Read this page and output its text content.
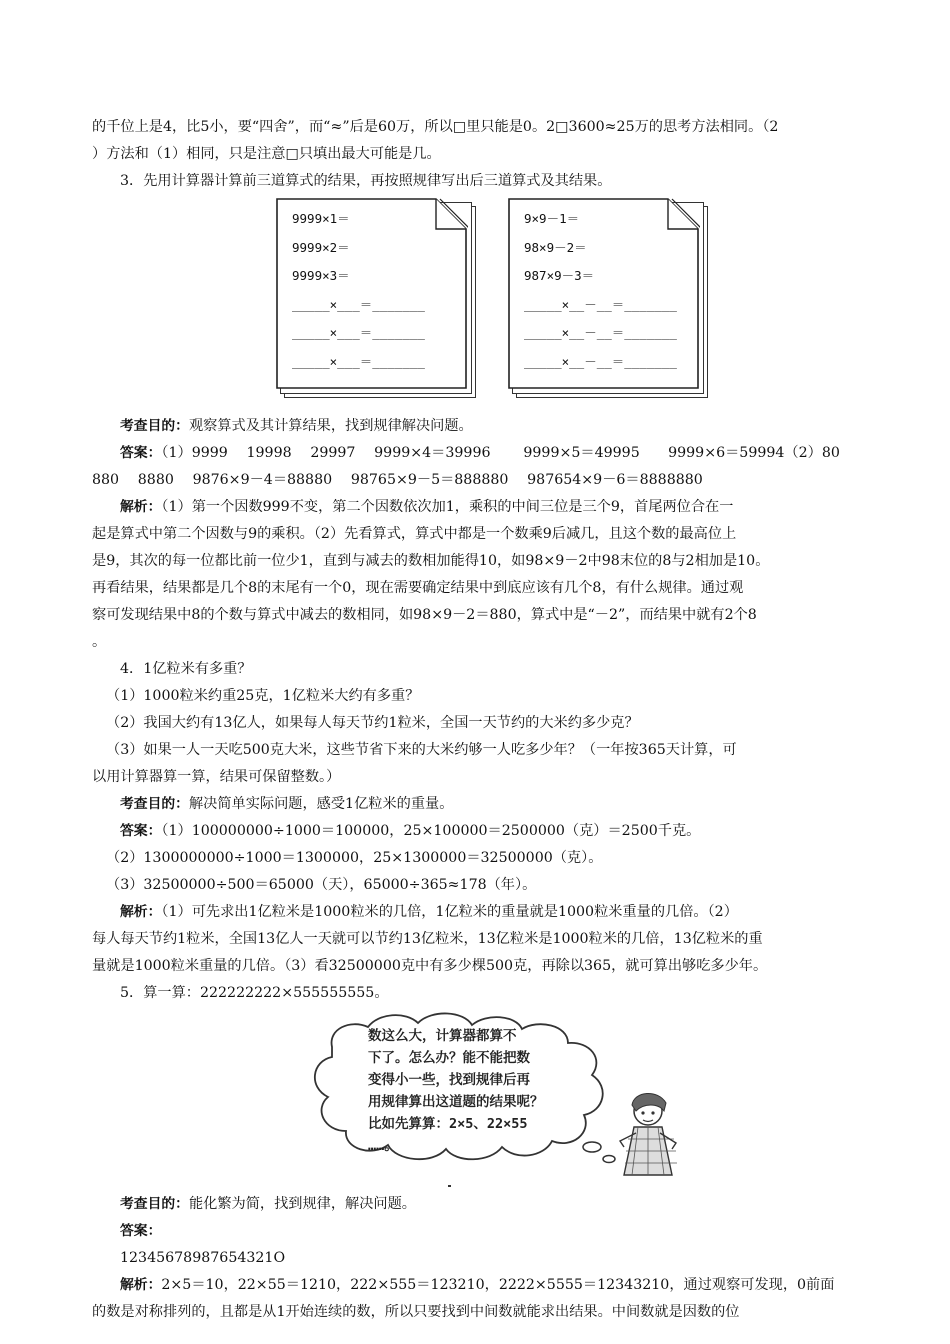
的千位上是4，比5小，要“四舍”，而“≈”后是60万，所以□里只能是0。2□3600≈25万的思考方法相同。（2

）方法和（1）相同，只是注意□只填出最大可能是几。

3．先用计算器计算前三道算式的结果，再按照规律写出后三道算式及其结果。

9999×1＝
9999×2＝
9999×3＝
_____×___＝_______
_____×___＝_______
_____×___＝_______
9×9－1＝
98×9－2＝
987×9－3＝
_____×__－__＝_______
_____×__－__＝_______
_____×__－__＝_______

考查目的：观察算式及其计算结果，找到规律解决问题。

答案：（1）9999　 19998　 29997　 9999×4＝39996　　 9999×5＝49995　　9999×6＝59994（2）80

880　 8880　 9876×9－4＝88880　 98765×9－5＝888880　 987654×9－6＝8888880

解析：（1）第一个因数999不变，第二个因数依次加1，乘积的中间三位是三个9，首尾两位合在一

起是算式中第二个因数与9的乘积。（2）先看算式，算式中都是一个数乘9后减几，且这个数的最高位上

是9，其次的每一位都比前一位少1，直到与减去的数相加能得10，如98×9－2中98末位的8与2相加是10。

再看结果，结果都是几个8的末尾有一个0，现在需要确定结果中到底应该有几个8，有什么规律。通过观

察可发现结果中8的个数与算式中减去的数相同，如98×9－2＝880，算式中是“－2”，而结果中就有2个8

。

4．1亿粒米有多重？

（1）1000粒米约重25克，1亿粒米大约有多重？

（2）我国大约有13亿人，如果每人每天节约1粒米，全国一天节约的大米约多少克？

（3）如果一人一天吃500克大米，这些节省下来的大米约够一人吃多少年？（一年按365天计算，可

以用计算器算一算，结果可保留整数。）

考查目的：解决简单实际问题，感受1亿粒米的重量。

答案：（1）100000000÷1000＝100000，25×100000＝2500000（克）＝2500千克。

（2）1300000000÷1000＝1300000，25×1300000＝32500000（克）。

（3）32500000÷500＝65000（天），65000÷365≈178（年）。

解析：（1）可先求出1亿粒米是1000粒米的几倍，1亿粒米的重量就是1000粒米重量的几倍。（2）

每人每天节约1粒米，全国13亿人一天就可以节约13亿粒米，13亿粒米是1000粒米的几倍，13亿粒米的重

量就是1000粒米重量的几倍。（3）看32500000克中有多少棵500克，再除以365，就可算出够吃多少年。

5．算一算：222222222×555555555。

数这么大，计算器都算不
下了。怎么办？能不能把数
变得小一些，找到规律后再
用规律算出这道题的结果呢？
比如先算算：2×5、22×55
……。

考查目的：能化繁为简，找到规律，解决问题。

答案：

12345678987654321O

解析：2×5＝10，22×55＝1210，222×555＝123210，2222×5555＝12343210，通过观察可发现，0前面

的数是对称排列的，且都是从1开始连续的数，所以只要找到中间数就能求出结果。中间数就是因数的位
